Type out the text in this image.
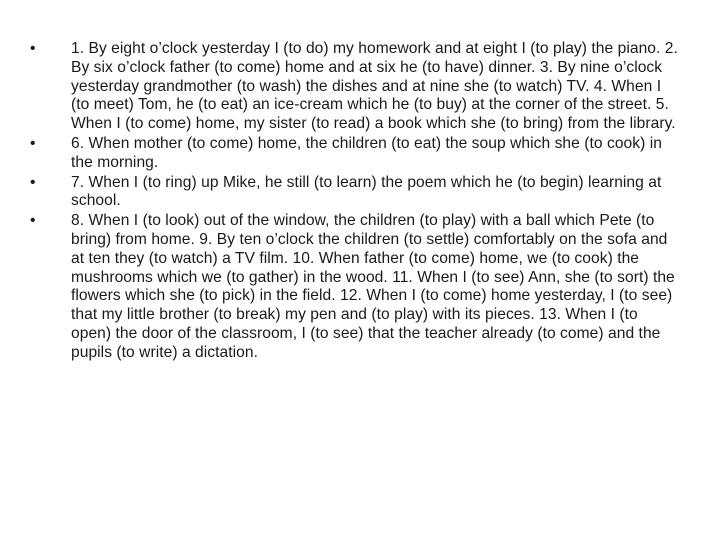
•	1. By eight o’clock yesterday I (to do) my homework and at eight I (to play) the piano. 2. By six o’clock father (to come) home and at six he (to have) dinner. 3. By nine o’clock yesterday grandmother (to wash) the dishes and at nine she (to watch) TV. 4. When I (to meet) Tom, he (to eat) an ice-cream which he (to buy) at the corner of the street. 5. When I (to come) home, my sister (to read) a book which she (to bring) from the library.
•	6. When mother (to come) home, the children (to eat) the soup which she (to cook) in the morning.
•	7. When I (to ring) up Mike, he still (to learn) the poem which he (to begin) learning at school.
•	8. When I (to look) out of the window, the children (to play) with a ball which Pete (to bring) from home. 9. By ten o’clock the children (to settle) comfortably on the sofa and at ten they (to watch) a TV film. 10. When father (to come) home, we (to cook) the mushrooms which we (to gather) in the wood. 11. When I (to see) Ann, she (to sort) the flowers which she (to pick) in the field. 12. When I (to come) home yesterday, I (to see) that my little brother (to break) my pen and (to play) with its pieces. 13. When I (to open) the door of the classroom, I (to see) that the teacher already (to come) and the pupils (to write) a dictation.
